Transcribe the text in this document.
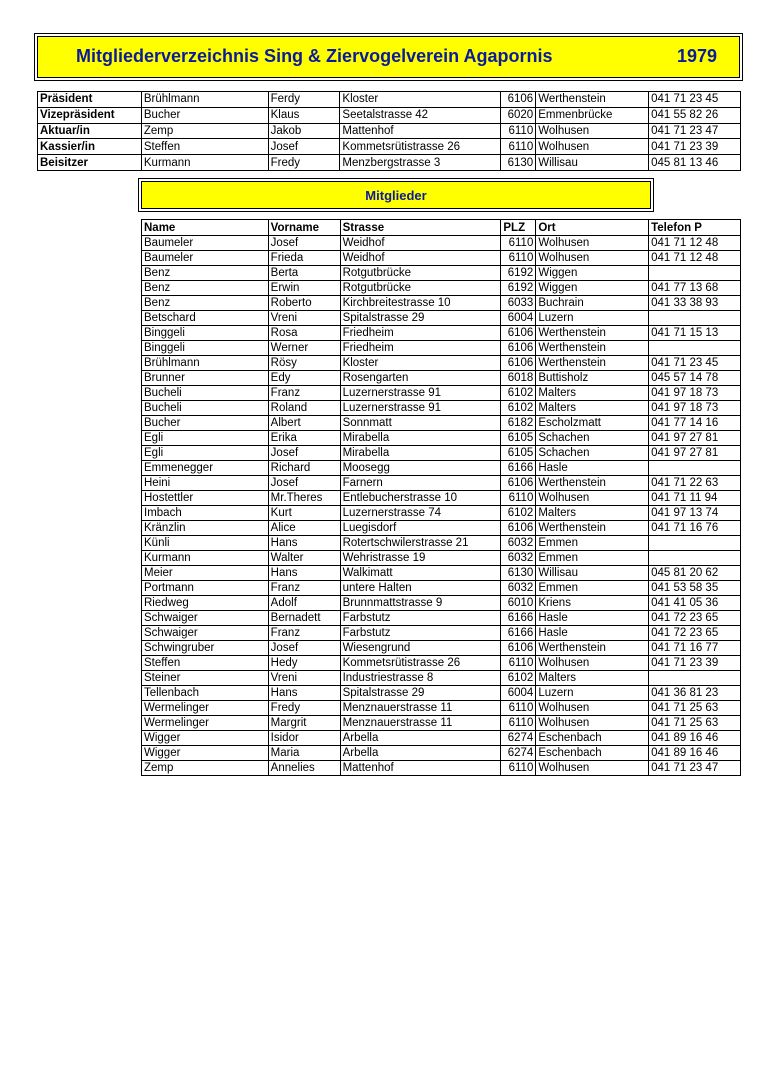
Mitgliederverzeichnis Sing & Ziervogelverein Agapornis	1979
Präsident	Brühlmann	Ferdy	Kloster	6106	Werthenstein	041 71 23 45
Vizepräsident	Bucher	Klaus	Seetalstrasse 42	6020	Emmenbrücke	041 55 82 26
Aktuar/in	Zemp	Jakob	Mattenhof	6110	Wolhusen	041 71 23 47
Kassier/in	Steffen	Josef	Kommetsrütistrasse 26	6110	Wolhusen	041 71 23 39
Beisitzer	Kurmann	Fredy	Menzbergstrasse 3	6130	Willisau	045 81 13 46
Mitglieder
Name	Vorname	Strasse	PLZ	Ort	Telefon P
Baumeler	Josef	Weidhof	6110	Wolhusen	041 71 12 48
Baumeler	Frieda	Weidhof	6110	Wolhusen	041 71 12 48
Benz	Berta	Rotgutbrücke	6192	Wiggen	
Benz	Erwin	Rotgutbrücke	6192	Wiggen	041 77 13 68
Benz	Roberto	Kirchbreitestrasse 10	6033	Buchrain	041 33 38 93
Betschard	Vreni	Spitalstrasse 29	6004	Luzern	
Binggeli	Rosa	Friedheim	6106	Werthenstein	041 71 15 13
Binggeli	Werner	Friedheim	6106	Werthenstein	
Brühlmann	Rösy	Kloster	6106	Werthenstein	041 71 23 45
Brunner	Edy	Rosengarten	6018	Buttisholz	045 57 14 78
Bucheli	Franz	Luzernerstrasse 91	6102	Malters	041 97 18 73
Bucheli	Roland	Luzernerstrasse 91	6102	Malters	041 97 18 73
Bucher	Albert	Sonnmatt	6182	Escholzmatt	041 77 14 16
Egli	Erika	Mirabella	6105	Schachen	041 97 27 81
Egli	Josef	Mirabella	6105	Schachen	041 97 27 81
Emmenegger	Richard	Moosegg	6166	Hasle	
Heini	Josef	Farnern	6106	Werthenstein	041 71 22 63
Hostettler	Mr.Theres	Entlebucherstrasse 10	6110	Wolhusen	041 71 11 94
Imbach	Kurt	Luzernerstrasse 74	6102	Malters	041 97 13 74
Kränzlin	Alice	Luegisdorf	6106	Werthenstein	041 71 16 76
Künli	Hans	Rotertschwilerstrasse 21	6032	Emmen	
Kurmann	Walter	Wehristrasse 19	6032	Emmen	
Meier	Hans	Walkimatt	6130	Willisau	045 81 20 62
Portmann	Franz	untere Halten	6032	Emmen	041 53 58 35
Riedweg	Adolf	Brunnmattstrasse 9	6010	Kriens	041 41 05 36
Schwaiger	Bernadett	Farbstutz	6166	Hasle	041 72 23 65
Schwaiger	Franz	Farbstutz	6166	Hasle	041 72 23 65
Schwingruber	Josef	Wiesengrund	6106	Werthenstein	041 71 16 77
Steffen	Hedy	Kommetsrütistrasse 26	6110	Wolhusen	041 71 23 39
Steiner	Vreni	Industriestrasse 8	6102	Malters	
Tellenbach	Hans	Spitalstrasse 29	6004	Luzern	041 36 81 23
Wermelinger	Fredy	Menznauerstrasse 11	6110	Wolhusen	041 71 25 63
Wermelinger	Margrit	Menznauerstrasse 11	6110	Wolhusen	041 71 25 63
Wigger	Isidor	Arbella	6274	Eschenbach	041 89 16 46
Wigger	Maria	Arbella	6274	Eschenbach	041 89 16 46
Zemp	Annelies	Mattenhof	6110	Wolhusen	041 71 23 47
